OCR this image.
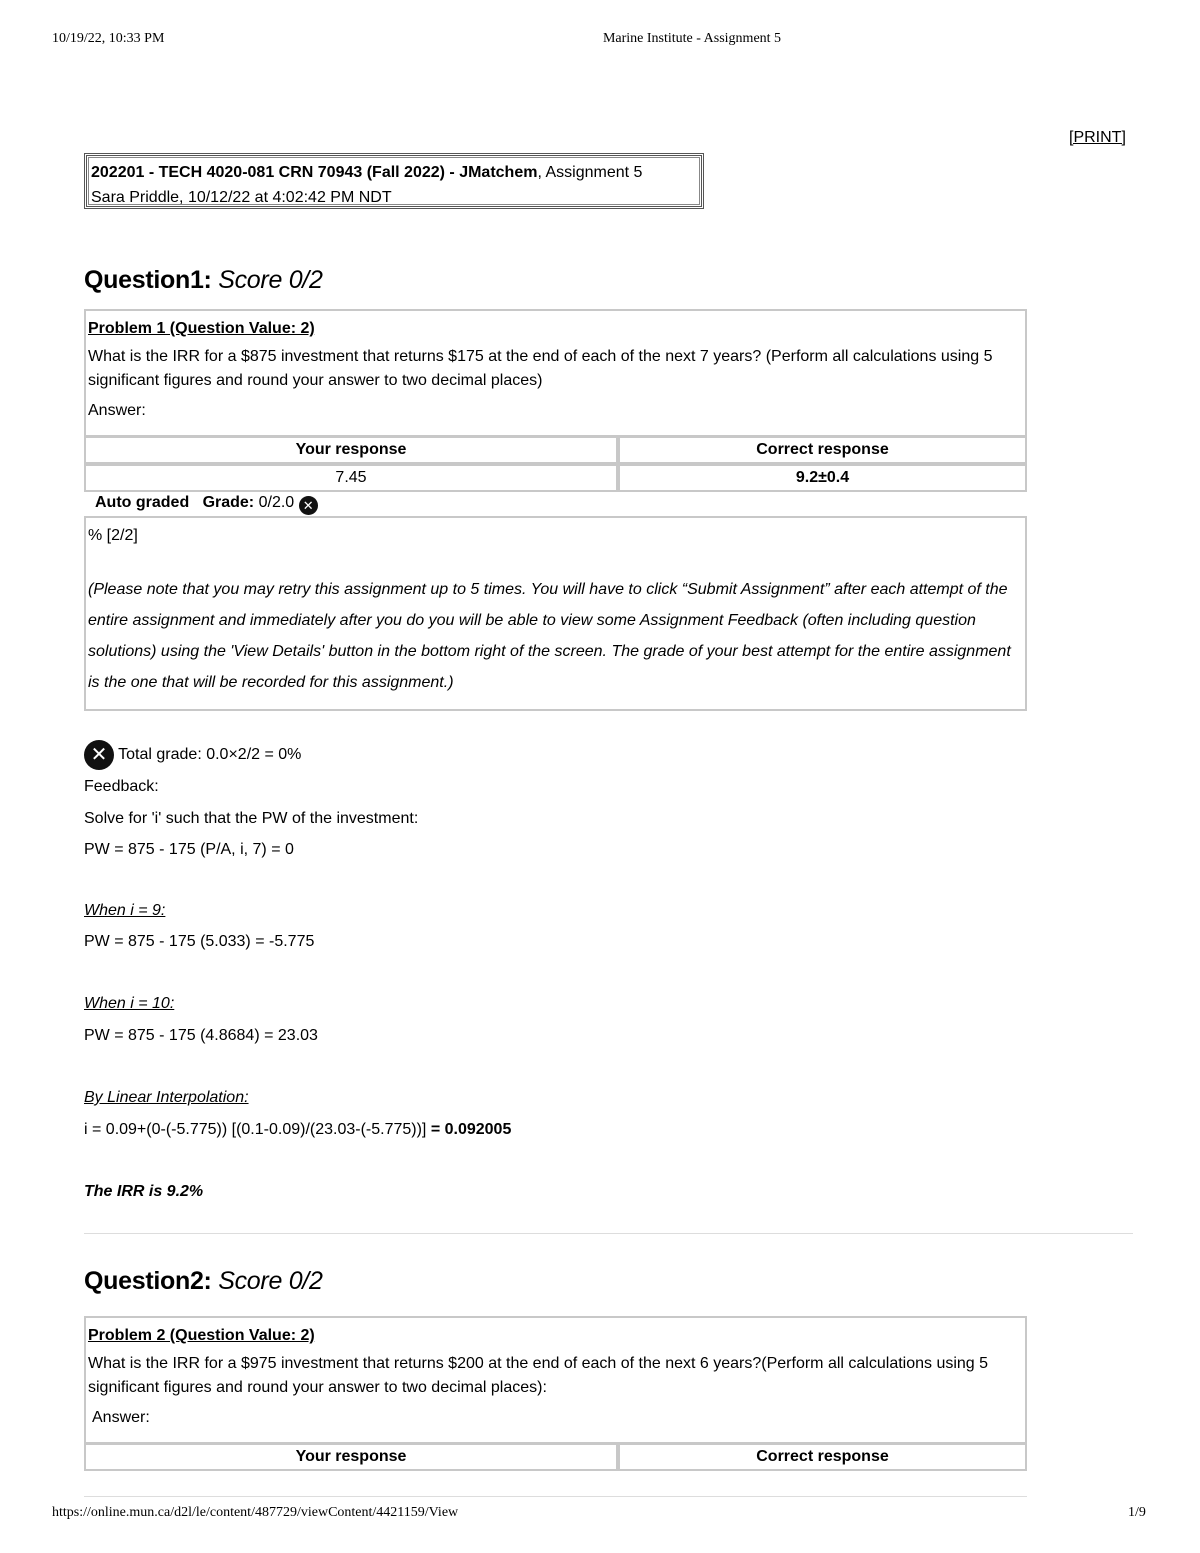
10/19/22, 10:33 PM	Marine Institute - Assignment 5
[PRINT]
202201 - TECH 4020-081 CRN 70943 (Fall 2022) - JMatchem, Assignment 5
Sara Priddle, 10/12/22 at 4:02:42 PM NDT
Question1: Score 0/2
Problem 1 (Question Value: 2)
What is the IRR for a $875 investment that returns $175 at the end of each of the next 7 years? (Perform all calculations using 5 significant figures and round your answer to two decimal places)
Answer:
Your response	Correct response
7.45	9.2±0.4
Auto graded Grade: 0/2.0 ✕
% [2/2]
(Please note that you may retry this assignment up to 5 times. You will have to click “Submit Assignment” after each attempt of the entire assignment and immediately after you do you will be able to view some Assignment Feedback (often including question solutions) using the 'View Details' button in the bottom right of the screen. The grade of your best attempt for the entire assignment is the one that will be recorded for this assignment.)
✕ Total grade: 0.0×2/2 = 0%
Feedback:
Solve for 'i' such that the PW of the investment:
PW = 875 - 175 (P/A, i, 7) = 0
When i = 9:
PW = 875 - 175 (5.033) = -5.775
When i = 10:
PW = 875 - 175 (4.8684) = 23.03
By Linear Interpolation:
i = 0.09+(0-(-5.775)) [(0.1-0.09)/(23.03-(-5.775))] = 0.092005
The IRR is 9.2%
Question2: Score 0/2
Problem 2 (Question Value: 2)
What is the IRR for a $975 investment that returns $200 at the end of each of the next 6 years?(Perform all calculations using 5 significant figures and round your answer to two decimal places):
Answer:
Your response	Correct response
https://online.mun.ca/d2l/le/content/487729/viewContent/4421159/View	1/9
